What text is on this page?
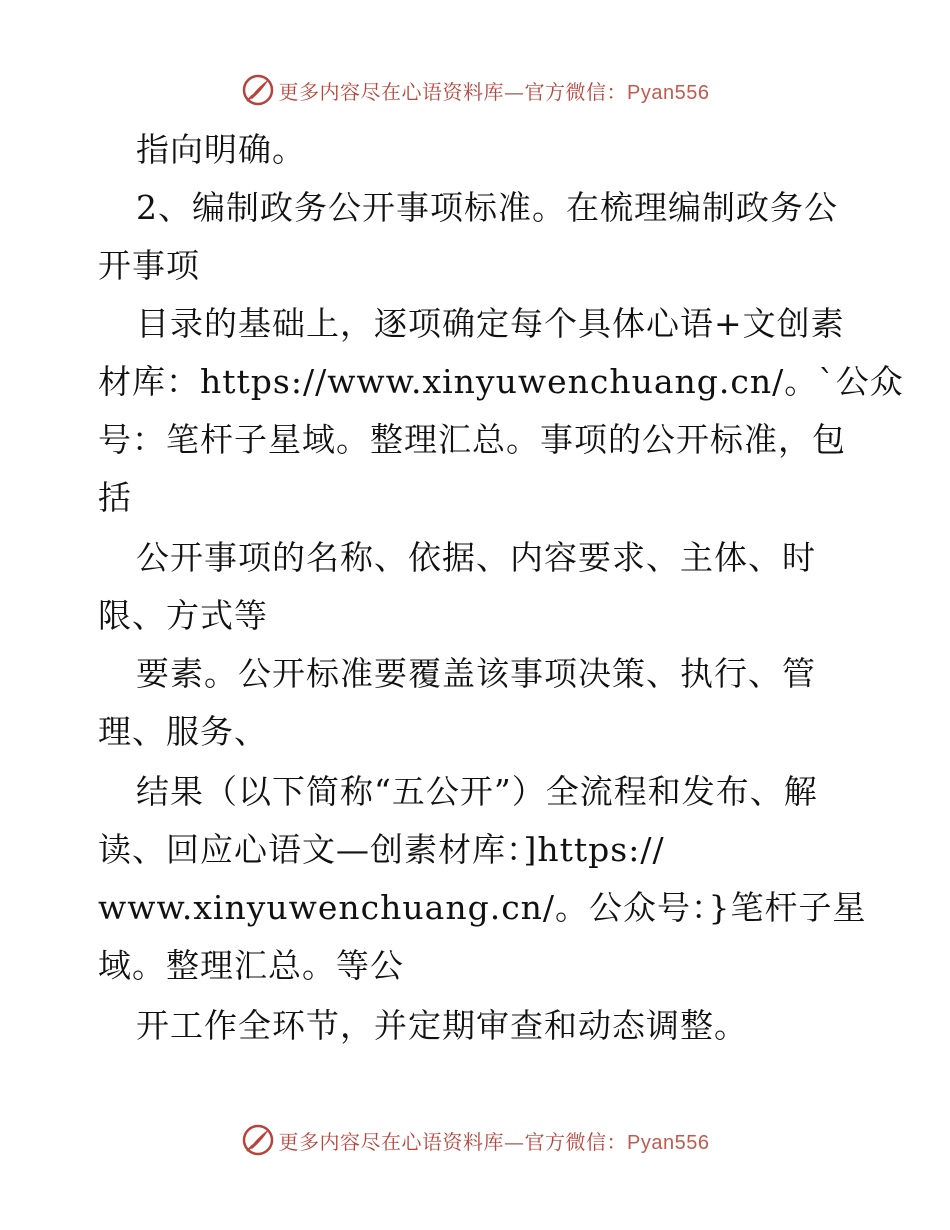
更多内容尽在心语资料库—官方微信：Pyan556
指向明确。
2、编制政务公开事项标准。在梳理编制政务公
开事项
目录的基础上，逐项确定每个具体心语+文创素
材库：https://www.xinyuwenchuang.cn/。`公众
号：笔杆子星域。整理汇总。事项的公开标准，包
括
公开事项的名称、依据、内容要求、主体、时
限、方式等
要素。公开标准要覆盖该事项决策、执行、管
理、服务、
结果（以下简称“五公开”）全流程和发布、解
读、回应心语文—创素材库：]https://
www.xinyuwenchuang.cn/。公众号：}笔杆子星
域。整理汇总。等公
开工作全环节，并定期审查和动态调整。
更多内容尽在心语资料库—官方微信：Pyan556
